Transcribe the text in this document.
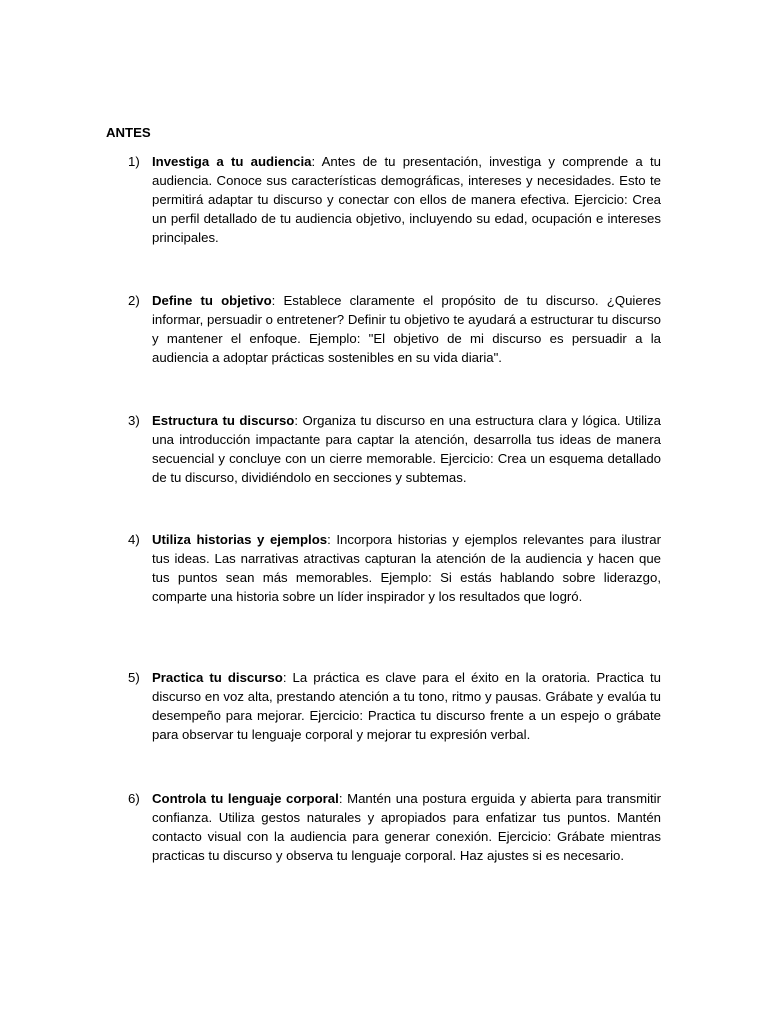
ANTES
1) Investiga a tu audiencia: Antes de tu presentación, investiga y comprende a tu audiencia. Conoce sus características demográficas, intereses y necesidades. Esto te permitirá adaptar tu discurso y conectar con ellos de manera efectiva. Ejercicio: Crea un perfil detallado de tu audiencia objetivo, incluyendo su edad, ocupación e intereses principales.
2) Define tu objetivo: Establece claramente el propósito de tu discurso. ¿Quieres informar, persuadir o entretener? Definir tu objetivo te ayudará a estructurar tu discurso y mantener el enfoque. Ejemplo: "El objetivo de mi discurso es persuadir a la audiencia a adoptar prácticas sostenibles en su vida diaria".
3) Estructura tu discurso: Organiza tu discurso en una estructura clara y lógica. Utiliza una introducción impactante para captar la atención, desarrolla tus ideas de manera secuencial y concluye con un cierre memorable. Ejercicio: Crea un esquema detallado de tu discurso, dividiéndolo en secciones y subtemas.
4) Utiliza historias y ejemplos: Incorpora historias y ejemplos relevantes para ilustrar tus ideas. Las narrativas atractivas capturan la atención de la audiencia y hacen que tus puntos sean más memorables. Ejemplo: Si estás hablando sobre liderazgo, comparte una historia sobre un líder inspirador y los resultados que logró.
5) Practica tu discurso: La práctica es clave para el éxito en la oratoria. Practica tu discurso en voz alta, prestando atención a tu tono, ritmo y pausas. Grábate y evalúa tu desempeño para mejorar. Ejercicio: Practica tu discurso frente a un espejo o grábate para observar tu lenguaje corporal y mejorar tu expresión verbal.
6) Controla tu lenguaje corporal: Mantén una postura erguida y abierta para transmitir confianza. Utiliza gestos naturales y apropiados para enfatizar tus puntos. Mantén contacto visual con la audiencia para generar conexión. Ejercicio: Grábate mientras practicas tu discurso y observa tu lenguaje corporal. Haz ajustes si es necesario.
